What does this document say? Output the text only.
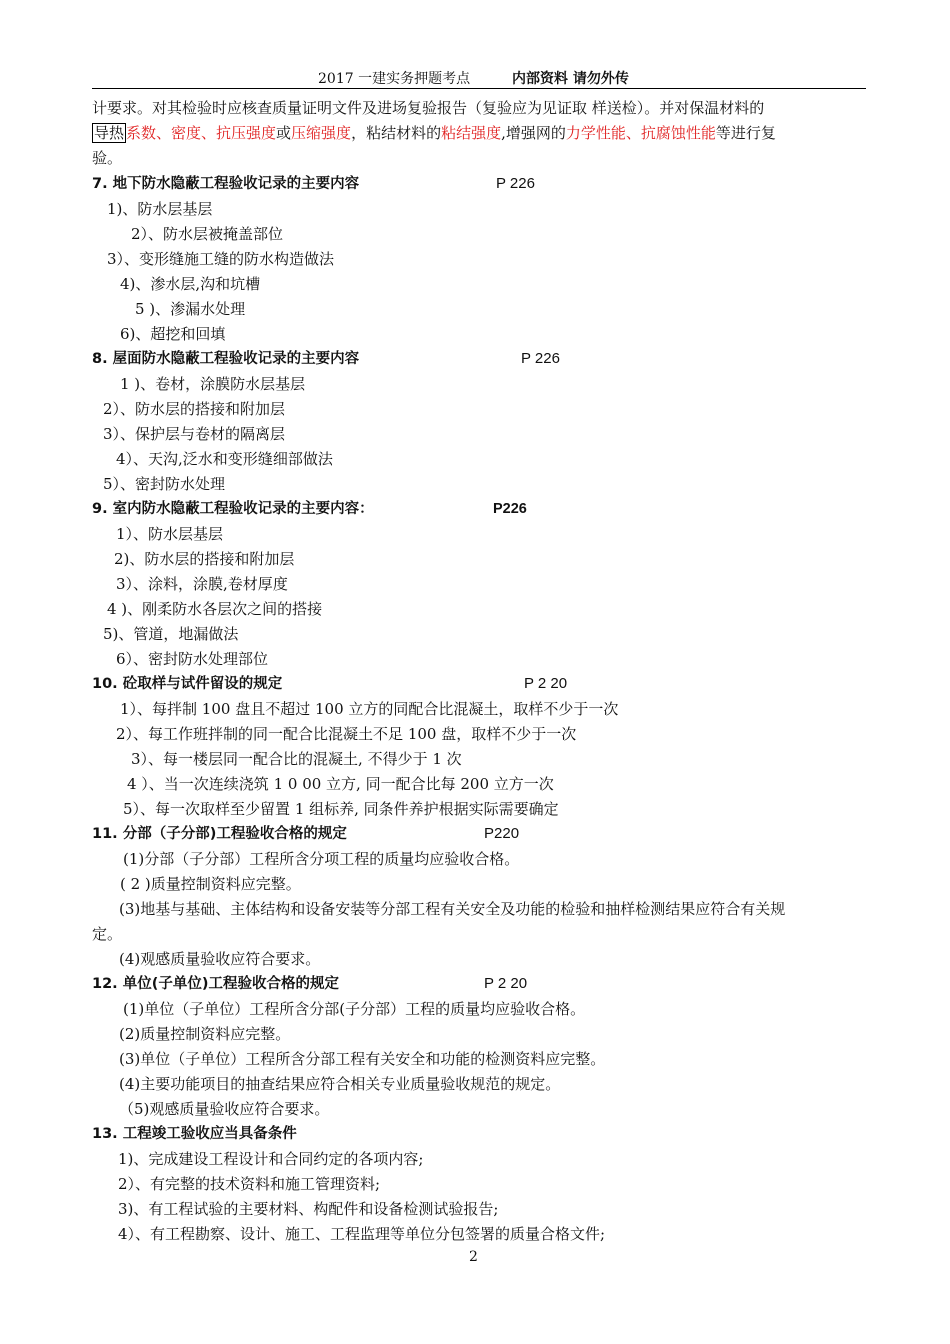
2017 一建实务押题考点	内部资料 请勿外传
计要求。对其检验时应核查质量证明文件及进场复验报告（复验应为见证取 样送检）。并对保温材料的
导热 系数、密度、抗压强度或压缩强度，粘结材料的粘结强度,增强网的力学性能、抗腐蚀性能等进行复
验。
7. 地下防水隐蔽工程验收记录的主要内容	P 226
1)、防水层基层
2）、防水层被掩盖部位
3）、变形缝施工缝的防水构造做法
4)、渗水层,沟和坑槽
5 )、渗漏水处理
6)、超挖和回填
8. 屋面防水隐蔽工程验收记录的主要内容	P 226
1 )、卷材，涂膜防水层基层
2）、防水层的搭接和附加层
3）、保护层与卷材的隔离层
4）、天沟,泛水和变形缝细部做法
5）、密封防水处理
9. 室内防水隐蔽工程验收记录的主要内容：	P226
1）、防水层基层
2)、防水层的搭接和附加层
3）、涂料，涂膜,卷材厚度
4 )、刚柔防水各层次之间的搭接
5)、管道，地漏做法
6）、密封防水处理部位
10. 砼取样与试件留设的规定	P 2 20
1）、每拌制 100 盘且不超过 100 立方的同配合比混凝土，取样不少于一次
2）、每工作班拌制的同一配合比混凝土不足 100 盘，取样不少于一次
3）、每一楼层同一配合比的混凝土, 不得少于 1 次
4 ）、当一次连续浇筑 1 0 00 立方, 同一配合比每 200 立方一次
5）、每一次取样至少留置 1 组标养, 同条件养护根据实际需要确定
11. 分部（子分部)工程验收合格的规定	P220
(1)分部（子分部）工程所含分项工程的质量均应验收合格。
( 2 )质量控制资料应完整。
(3)地基与基础、主体结构和设备安装等分部工程有关安全及功能的检验和抽样检测结果应符合有关规
定。
(4)观感质量验收应符合要求。
12. 单位(子单位)工程验收合格的规定	P 2 20
(1)单位（子单位）工程所含分部(子分部）工程的质量均应验收合格。
(2)质量控制资料应完整。
(3)单位（子单位）工程所含分部工程有关安全和功能的检测资料应完整。
(4)主要功能项目的抽查结果应符合相关专业质量验收规范的规定。
（5)观感质量验收应符合要求。
13. 工程竣工验收应当具备条件
1)、完成建设工程设计和合同约定的各项内容;
2）、有完整的技术资料和施工管理资料;
3)、有工程试验的主要材料、构配件和设备检测试验报告;
4）、有工程勘察、设计、施工、工程监理等单位分包签署的质量合格文件;
2
